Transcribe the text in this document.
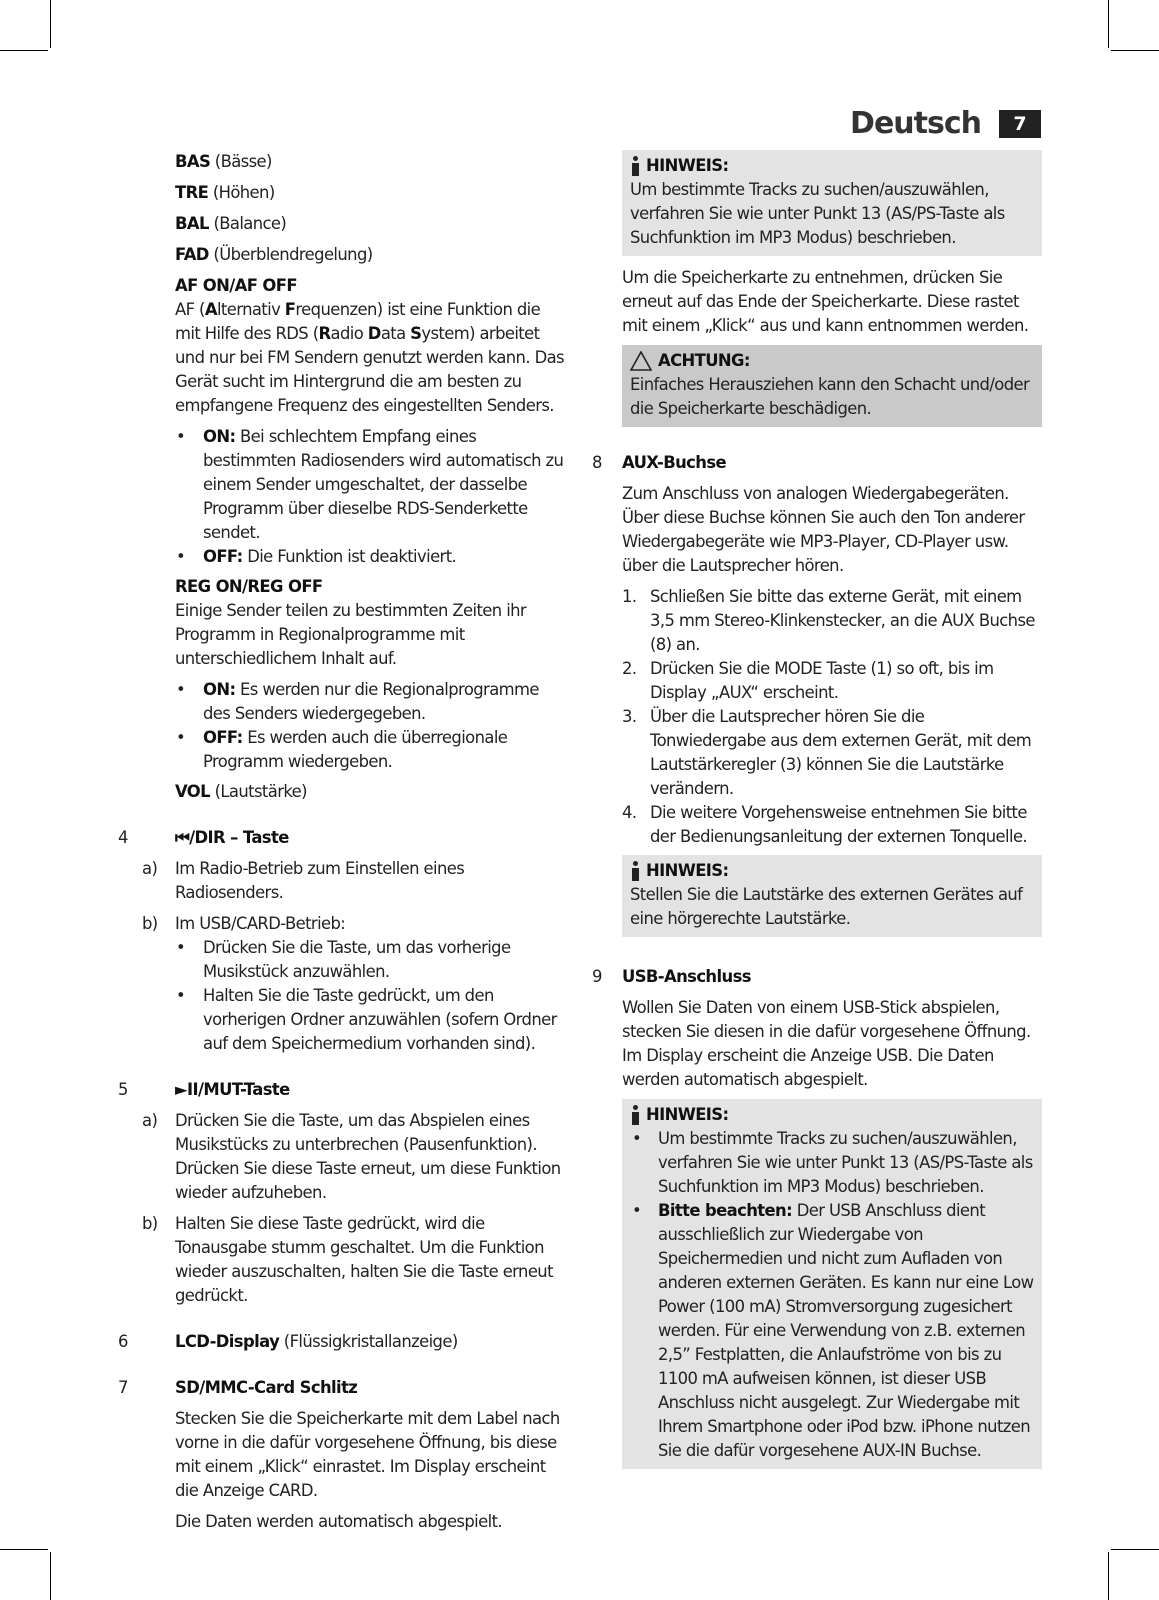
Deutsch	7

BAS (Bässe)

TRE (Höhen)

BAL (Balance)

FAD (Überblendregelung)

AF ON/AF OFF

AF (Alternativ Frequenzen) ist eine Funktion die mit Hilfe des RDS (Radio Data System) arbeitet und nur bei FM Sendern genutzt werden kann. Das Gerät sucht im Hintergrund die am besten zu empfangene Frequenz des eingestellten Senders.

• ON: Bei schlechtem Empfang eines bestimmten Radiosenders wird automatisch zu einem Sender umgeschaltet, der dasselbe Programm über dieselbe RDS-Senderkette sendet.
• OFF: Die Funktion ist deaktiviert.

REG ON/REG OFF

Einige Sender teilen zu bestimmten Zeiten ihr Programm in Regionalprogramme mit unterschiedlichem Inhalt auf.

• ON: Es werden nur die Regionalprogramme des Senders wiedergegeben.
• OFF: Es werden auch die überregionale Programm wiedergeben.

VOL (Lautstärke)

4	⏮/DIR – Taste
a)	Im Radio-Betrieb zum Einstellen eines Radiosenders.
b)	Im USB/CARD-Betrieb:
• Drücken Sie die Taste, um das vorherige Musikstück anzuwählen.
• Halten Sie die Taste gedrückt, um den vorherigen Ordner anzuwählen (sofern Ordner auf dem Speichermedium vorhanden sind).
5	►II/MUT-Taste
a)	Drücken Sie die Taste, um das Abspielen eines Musikstücks zu unterbrechen (Pausenfunktion). Drücken Sie diese Taste erneut, um diese Funktion wieder aufzuheben.
b)	Halten Sie diese Taste gedrückt, wird die Tonausgabe stumm geschaltet. Um die Funktion wieder auszuschalten, halten Sie die Taste erneut gedrückt.
6	LCD-Display (Flüssigkristallanzeige)
7	SD/MMC-Card Schlitz

Stecken Sie die Speicherkarte mit dem Label nach vorne in die dafür vorgesehene Öffnung, bis diese mit einem „Klick“ einrastet. Im Display erscheint die Anzeige CARD.

Die Daten werden automatisch abgespielt.

HINWEIS:
Um bestimmte Tracks zu suchen/auszuwählen, verfahren Sie wie unter Punkt 13 (AS/PS-Taste als Suchfunktion im MP3 Modus) beschrieben.

Um die Speicherkarte zu entnehmen, drücken Sie erneut auf das Ende der Speicherkarte. Diese rastet mit einem „Klick“ aus und kann entnommen werden.

ACHTUNG:
Einfaches Herausziehen kann den Schacht und/oder die Speicherkarte beschädigen.
8	AUX-Buchse

Zum Anschluss von analogen Wiedergabegeräten. Über diese Buchse können Sie auch den Ton anderer Wiedergabegeräte wie MP3-Player, CD-Player usw. über die Lautsprecher hören.

1. Schließen Sie bitte das externe Gerät, mit einem 3,5 mm Stereo-Klinkenstecker, an die AUX Buchse (8) an.
2. Drücken Sie die MODE Taste (1) so oft, bis im Display „AUX“ erscheint.
3. Über die Lautsprecher hören Sie die Tonwiedergabe aus dem externen Gerät, mit dem Lautstärkeregler (3) können Sie die Lautstärke verändern.
4. Die weitere Vorgehensweise entnehmen Sie bitte der Bedienungsanleitung der externen Tonquelle.
HINWEIS:
Stellen Sie die Lautstärke des externen Gerätes auf eine hörgerechte Lautstärke.
9	USB-Anschluss

Wollen Sie Daten von einem USB-Stick abspielen, stecken Sie diesen in die dafür vorgesehene Öffnung. Im Display erscheint die Anzeige USB. Die Daten werden automatisch abgespielt.

HINWEIS:
• Um bestimmte Tracks zu suchen/auszuwählen, verfahren Sie wie unter Punkt 13 (AS/PS-Taste als Suchfunktion im MP3 Modus) beschrieben.
• Bitte beachten: Der USB Anschluss dient ausschließlich zur Wiedergabe von Speichermedien und nicht zum Aufladen von anderen externen Geräten. Es kann nur eine Low Power (100 mA) Stromversorgung zugesichert werden. Für eine Verwendung von z.B. externen 2,5” Festplatten, die Anlaufströme von bis zu 1100 mA aufweisen können, ist dieser USB Anschluss nicht ausgelegt. Zur Wiedergabe mit Ihrem Smartphone oder iPod bzw. iPhone nutzen Sie die dafür vorgesehene AUX-IN Buchse.
